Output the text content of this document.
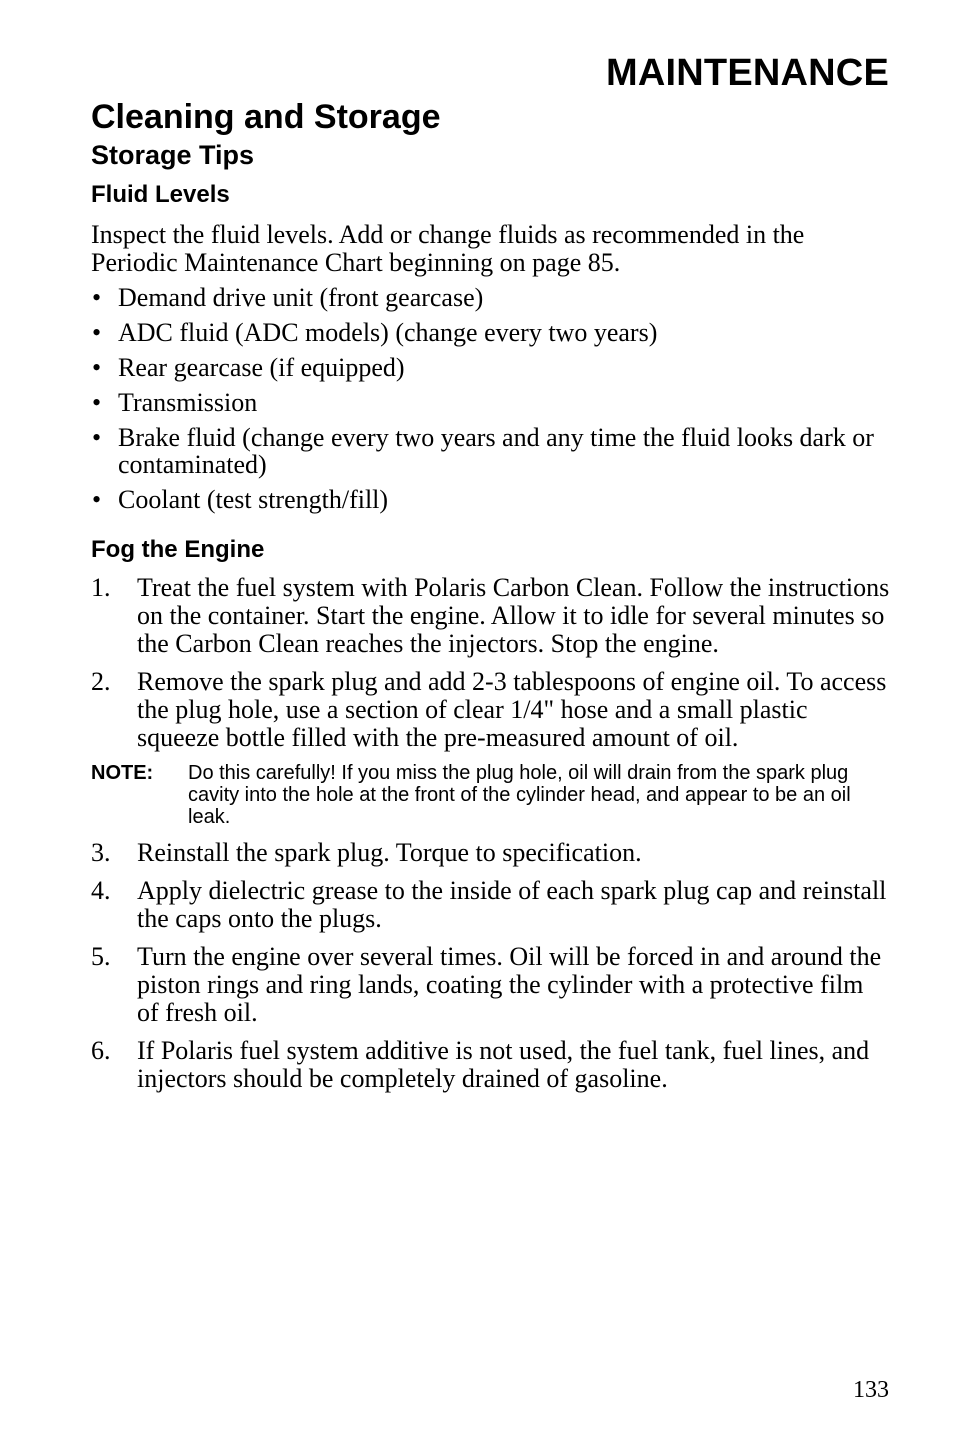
MAINTENANCE
Cleaning and Storage
Storage Tips
Fluid Levels

Inspect the fluid levels. Add or change fluids as recommended in the Periodic Maintenance Chart beginning on page 85.

• Demand drive unit (front gearcase)
• ADC fluid (ADC models) (change every two years)
• Rear gearcase (if equipped)
• Transmission
• Brake fluid (change every two years and any time the fluid looks dark or contaminated)
• Coolant (test strength/fill)
Fog the Engine
1. Treat the fuel system with Polaris Carbon Clean. Follow the instructions on the container. Start the engine. Allow it to idle for several minutes so the Carbon Clean reaches the injectors. Stop the engine.
2. Remove the spark plug and add 2-3 tablespoons of engine oil. To access the plug hole, use a section of clear 1/4" hose and a small plastic squeeze bottle filled with the pre-measured amount of oil.
NOTE:	Do this carefully! If you miss the plug hole, oil will drain from the spark plug cavity into the hole at the front of the cylinder head, and appear to be an oil leak.
3. Reinstall the spark plug. Torque to specification.
4. Apply dielectric grease to the inside of each spark plug cap and reinstall the caps onto the plugs.
5. Turn the engine over several times. Oil will be forced in and around the piston rings and ring lands, coating the cylinder with a protective film of fresh oil.
6. If Polaris fuel system additive is not used, the fuel tank, fuel lines, and injectors should be completely drained of gasoline.

133
